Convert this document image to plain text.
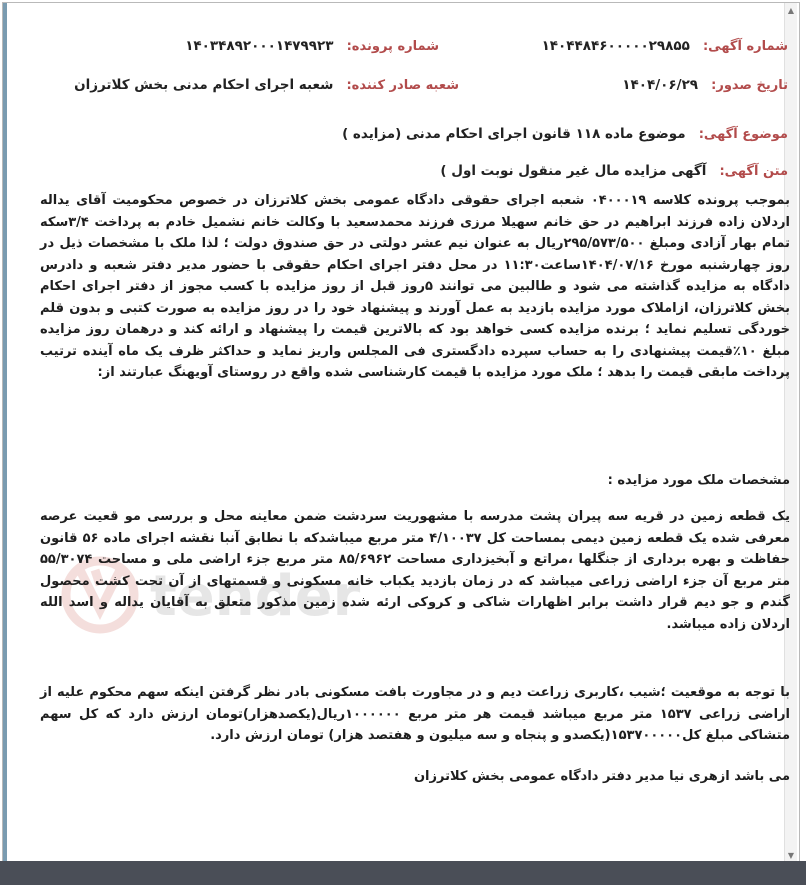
▲
▼
tender
شماره آگهی: ۱۴۰۴۴۸۴۶۰۰۰۰۰۲۹۸۵۵
شماره پرونده: ۱۴۰۳۴۸۹۲۰۰۰۱۴۷۹۹۲۳
تاریخ صدور: ۱۴۰۴/۰۶/۲۹
شعبه صادر کننده: شعبه اجرای احکام مدنی بخش کلاترزان
موضوع آگهی: موضوع ماده ۱۱۸ قانون اجرای احکام مدنی (مزایده )
متن آگهی: آگهی مزایده مال غیر منقول نوبت اول )
بموجب پرونده کلاسه ۰۴۰۰۰۱۹ شعبه اجرای حقوقی دادگاه عمومی بخش کلاترزان در خصوص محکومیت آقای یداله اردلان زاده فرزند ابراهیم در حق خانم سهیلا مرزی فرزند محمدسعید با وکالت خانم نشمیل خادم به پرداخت ۳/۴سکه تمام بهار آزادی ومبلغ ۲۹۵/۵۷۳/۵۰۰ریال به عنوان نیم عشر دولتی در حق صندوق دولت ؛ لذا ملک با مشخصات ذیل در روز چهارشنبه مورخ ۱۴۰۴/۰۷/۱۶ساعت۱۱:۳۰ در محل دفتر اجرای احکام حقوقی با حضور مدیر دفتر شعبه و دادرس دادگاه به مزایده گذاشته می شود و طالبین می توانند ۵روز قبل از روز مزایده با کسب مجوز از دفتر اجرای احکام بخش کلاترزان، ازاملاک مورد مزایده بازدید به عمل آورند و پیشنهاد خود را در روز مزایده به صورت کتبی و بدون قلم خوردگی تسلیم نماید ؛ برنده مزایده کسی خواهد بود که بالاترین قیمت را پیشنهاد و ارائه کند و درهمان روز مزایده مبلغ ۱۰٪قیمت پیشنهادی را به حساب سپرده دادگستری فی المجلس واریز نماید و حداکثر ظرف یک ماه آینده ترتیب پرداخت مابقی قیمت را بدهد ؛ ملک مورد مزایده با قیمت کارشناسی شده واقع در روستای آویهنگ عبارتند از:
مشخصات ملک مورد مزایده :
یک قطعه زمین در قریه سه پیران پشت مدرسه با مشهوریت سردشت ضمن معاینه محل و بررسی مو قعیت عرصه معرفی شده یک قطعه زمین دیمی بمساحت کل ۴/۱۰۰۳۷ متر مربع میباشدکه با نطابق آنبا نقشه اجرای ماده ۵۶ قانون حفاظت و بهره برداری از جنگلها ،مراتع و آبخیزداری مساحت ۸۵/۶۹۶۲ متر مربع جزء اراضی ملی و مساحت ۵۵/۳۰۷۴ متر مربع آن جزء اراضی زراعی میباشد که در زمان بازدید یکباب خانه مسکونی و قسمتهای از آن تحت کشت محصول گندم و جو دیم قرار داشت برابر اظهارات شاکی و کروکی ارئه شده زمین مذکور متعلق به آقایان یداله و اسد الله اردلان زاده میباشد.
با توجه به موقعیت ؛شیب ،کاربری زراعت دیم و در مجاورت بافت مسکونی بادر نظر گرفتن اینکه سهم محکوم علیه از اراضی زراعی ۱۵۳۷ متر مربع میباشد قیمت هر متر مربع ۱۰۰۰۰۰۰ریال(یکصدهزار)تومان ارزش دارد که کل سهم متشاکی مبلغ کل۱۵۳۷۰۰۰۰۰(یکصدو و پنجاه و سه میلیون و هفتصد هزار) تومان ارزش دارد.
می باشد ازهری نیا مدیر دفتر دادگاه عمومی بخش کلاترزان
